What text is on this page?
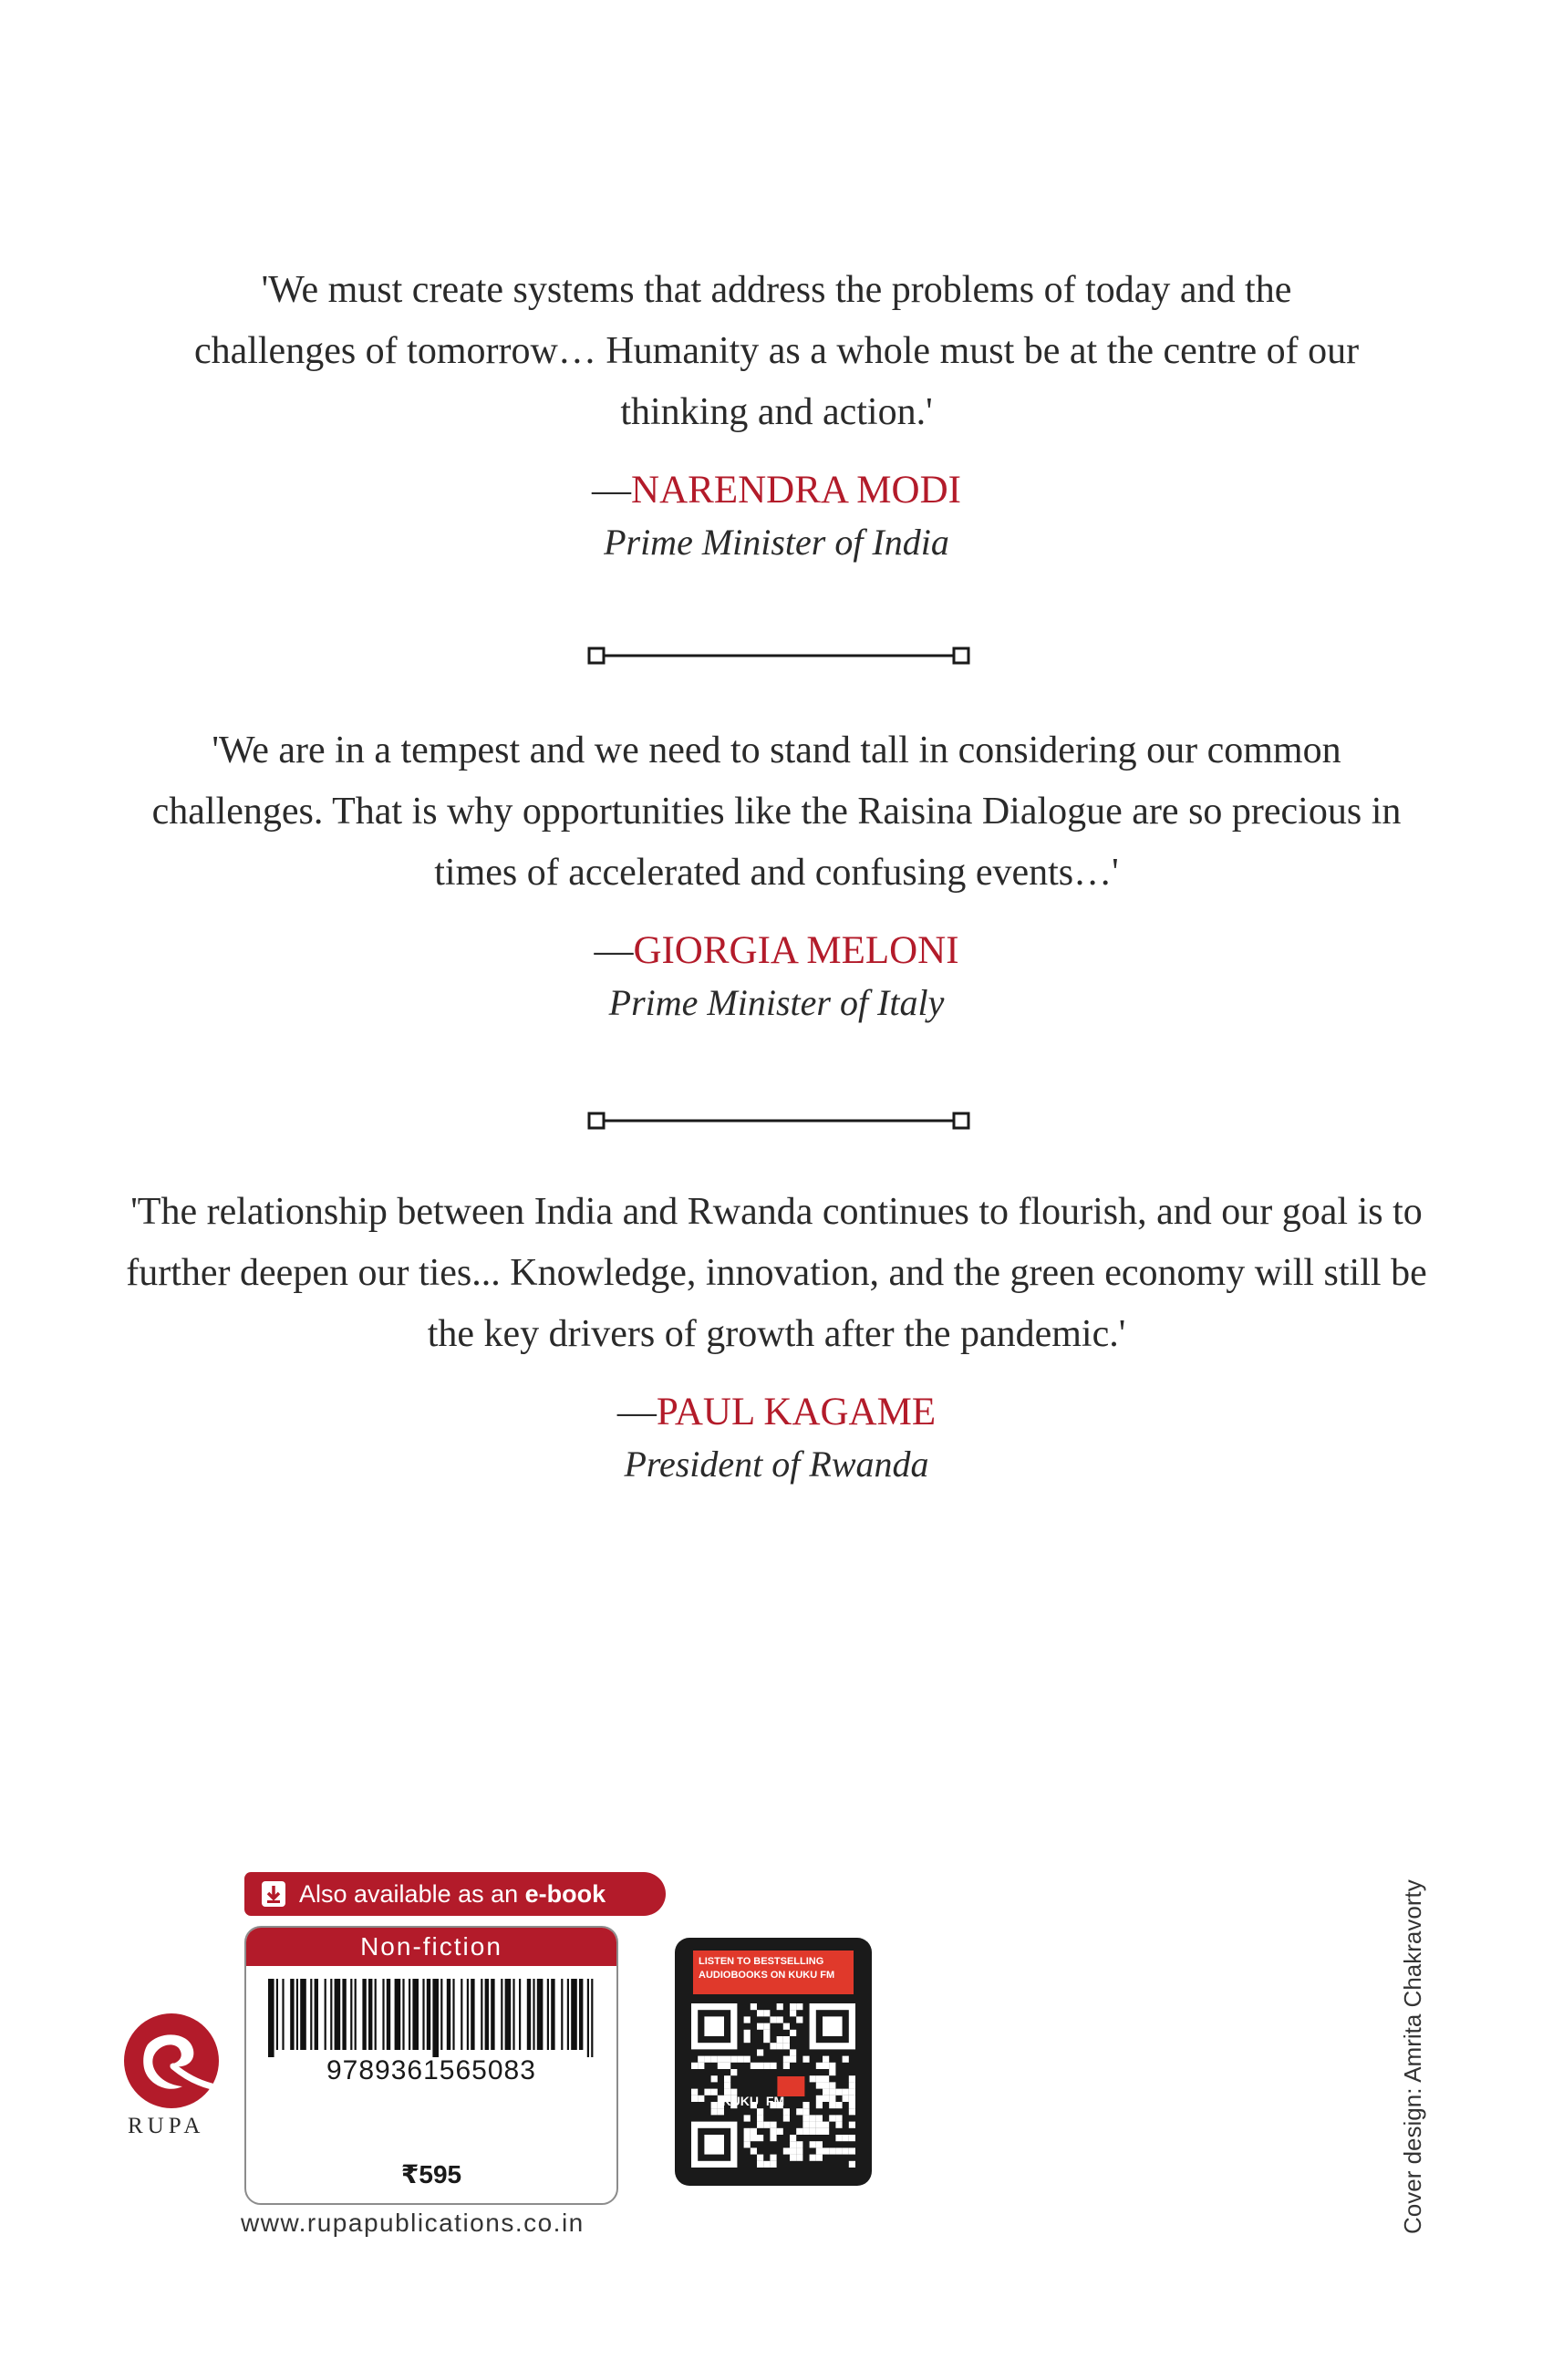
'We must create systems that address the problems of today and the challenges of tomorrow… Humanity as a whole must be at the centre of our thinking and action.'

—NARENDRA MODI
Prime Minister of India

'We are in a tempest and we need to stand tall in considering our common challenges. That is why opportunities like the Raisina Dialogue are so precious in times of accelerated and confusing events…'

—GIORGIA MELONI
Prime Minister of Italy

'The relationship between India and Rwanda continues to flourish, and our goal is to further deepen our ties... Knowledge, innovation, and the green economy will still be the key drivers of growth after the pandemic.'

—PAUL KAGAME
President of Rwanda
Also available as an e-book
Non-fiction
9789361565083
₹595
www.rupapublications.co.in
RUPA
LISTEN TO BESTSELLING AUDIOBOOKS ON KUKU FM
KUKU FM	Cover design: Amrita Chakravorty
